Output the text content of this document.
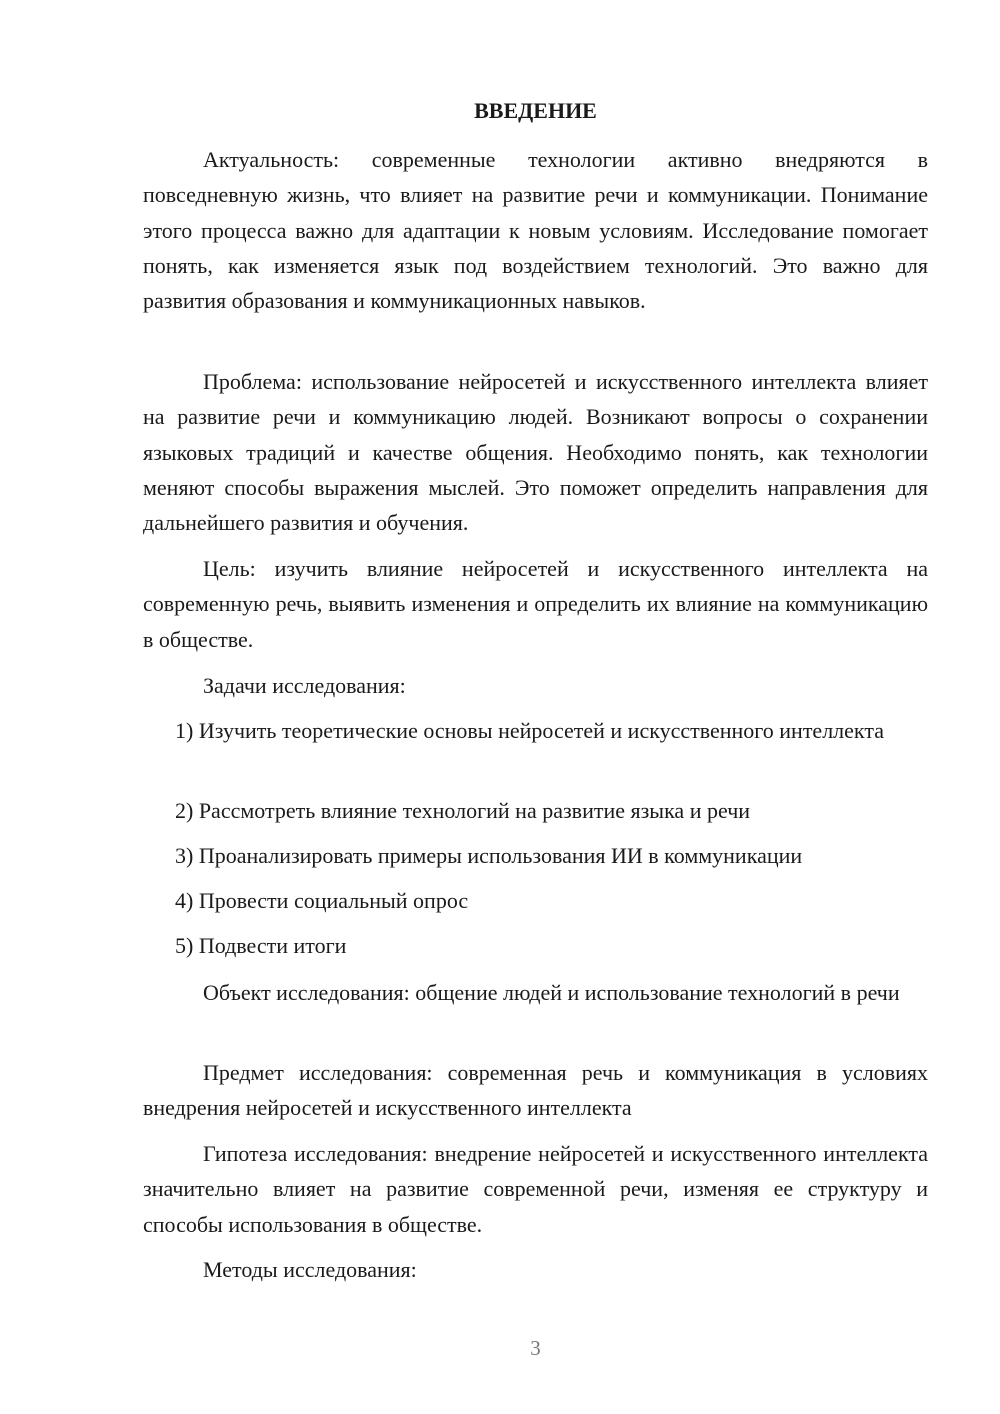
ВВЕДЕНИЕ

Актуальность: современные технологии активно внедряются в повседневную жизнь, что влияет на развитие речи и коммуникации. Понимание этого процесса важно для адаптации к новым условиям. Исследование помогает понять, как изменяется язык под воздействием технологий. Это важно для развития образования и коммуникационных навыков.

Проблема: использование нейросетей и искусственного интеллекта влияет на развитие речи и коммуникацию людей. Возникают вопросы о сохранении языковых традиций и качестве общения. Необходимо понять, как технологии меняют способы выражения мыслей. Это поможет определить направления для дальнейшего развития и обучения.

Цель: изучить влияние нейросетей и искусственного интеллекта на современную речь, выявить изменения и определить их влияние на коммуникацию в обществе.

Задачи исследования:

1) Изучить теоретические основы нейросетей и искусственного интеллекта

2) Рассмотреть влияние технологий на развитие языка и речи

3) Проанализировать примеры использования ИИ в коммуникации

4) Провести социальный опрос

5) Подвести итоги

Объект исследования: общение людей и использование технологий в речи

Предмет исследования: современная речь и коммуникация в условиях внедрения нейросетей и искусственного интеллекта

Гипотеза исследования: внедрение нейросетей и искусственного интеллекта значительно влияет на развитие современной речи, изменяя ее структуру и способы использования в обществе.

Методы исследования:

3
